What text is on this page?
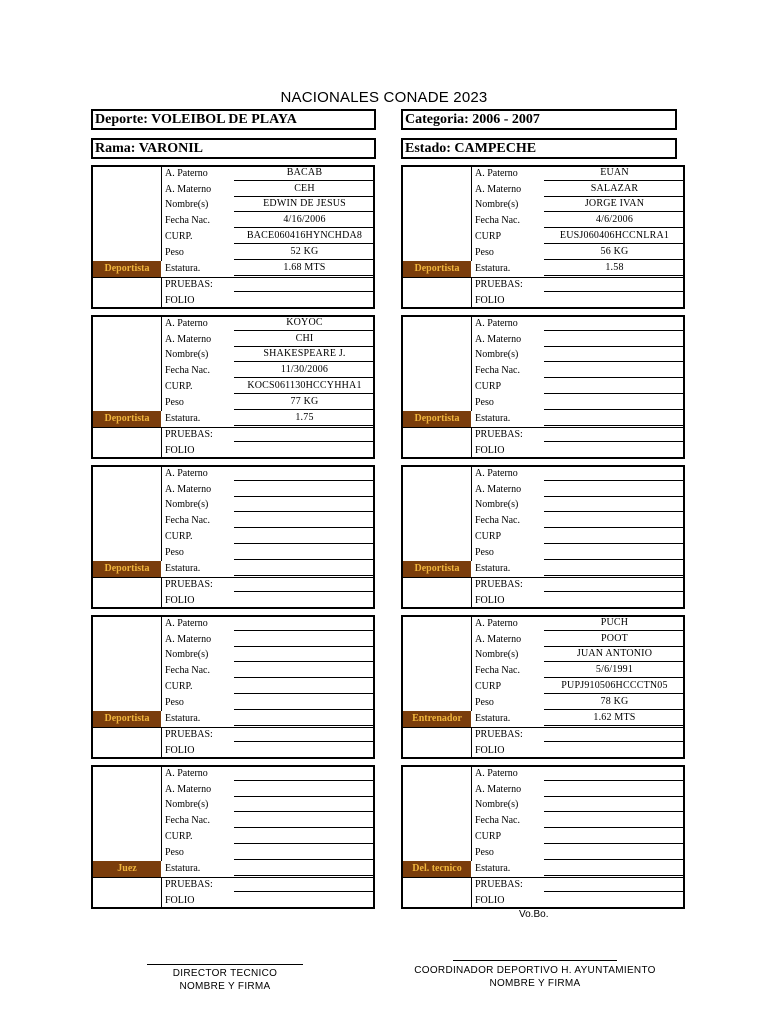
NACIONALES CONADE 2023
Deporte: VOLEIBOL DE PLAYA	Categoria: 2006 - 2007
Rama: VARONIL	Estado: CAMPECHE
Deportista
A. Paterno	BACAB
A. Materno	CEH
Nombre(s)	EDWIN DE JESUS
Fecha Nac.	4/16/2006
CURP.	BACE060416HYNCHDA8
Peso	52 KG
Estatura.	1.68 MTS
PRUEBAS:
FOLIO
Deportista
A. Paterno	EUAN
A. Materno	SALAZAR
Nombre(s)	JORGE IVAN
Fecha Nac.	4/6/2006
CURP	EUSJ060406HCCNLRA1
Peso	56 KG
Estatura.	1.58
PRUEBAS:
FOLIO
Deportista
A. Paterno	KOYOC
A. Materno	CHI
Nombre(s)	SHAKESPEARE J.
Fecha Nac.	11/30/2006
CURP.	KOCS061130HCCYHHA1
Peso	77 KG
Estatura.	1.75
PRUEBAS:
FOLIO
Deportista
A. Paterno
A. Materno
Nombre(s)
Fecha Nac.
CURP
Peso
Estatura.
PRUEBAS:
FOLIO
Deportista
A. Paterno
A. Materno
Nombre(s)
Fecha Nac.
CURP.
Peso
Estatura.
PRUEBAS:
FOLIO
Deportista
A. Paterno
A. Materno
Nombre(s)
Fecha Nac.
CURP
Peso
Estatura.
PRUEBAS:
FOLIO
Deportista
A. Paterno
A. Materno
Nombre(s)
Fecha Nac.
CURP.
Peso
Estatura.
PRUEBAS:
FOLIO
Entrenador
A. Paterno	PUCH
A. Materno	POOT
Nombre(s)	JUAN ANTONIO
Fecha Nac.	5/6/1991
CURP	PUPJ910506HCCCTN05
Peso	78 KG
Estatura.	1.62 MTS
PRUEBAS:
FOLIO
Juez
A. Paterno
A. Materno
Nombre(s)
Fecha Nac.
CURP.
Peso
Estatura.
PRUEBAS:
FOLIO
Del. tecnico
A. Paterno
A. Materno
Nombre(s)
Fecha Nac.
CURP
Peso
Estatura.
PRUEBAS:
FOLIO
Vo.Bo.
DIRECTOR TECNICO
NOMBRE Y FIRMA
COORDINADOR DEPORTIVO H. AYUNTAMIENTO
NOMBRE Y FIRMA
